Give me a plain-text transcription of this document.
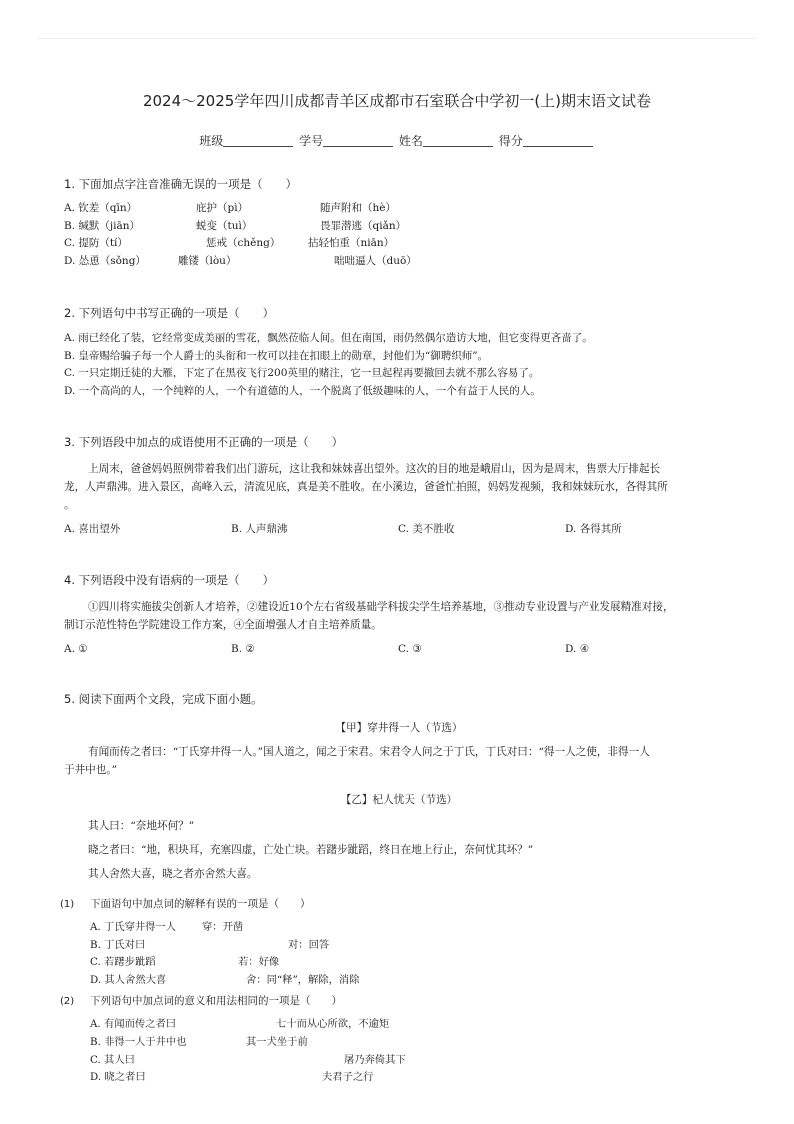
2024～2025学年四川成都青羊区成都市石室联合中学初一(上)期末语文试卷
班级	学号	姓名	得分

1. 下面加点字注音准确无误的一项是（　　）

A. 钦差（qīn）	庇护（pì）	随声附和（hè）
B. 缄默（jiān）	蜕变（tuì）	畏罪潜逃（qiǎn）
C. 提防（tí）	惩戒（chěng）	拈轻怕重（niān）
D. 怂恿（sǒng）	雕镂（lòu）	咄咄逼人（duō）

2. 下列语句中书写正确的一项是（　　）

A. 雨已经化了装，它经常变成美丽的雪花，飘然莅临人间。但在南国，雨仍然偶尔造访大地，但它变得更吝啬了。
B. 皇帝赐给骗子每一个人爵士的头衔和一枚可以挂在扣眼上的勋章，封他们为“御聘织师”。
C. 一只定期迁徒的大雁，下定了在黑夜飞行200英里的赌注，它一旦起程再要撤回去就不那么容易了。
D. 一个高尚的人，一个纯粹的人，一个有道德的人，一个脱离了低级趣味的人，一个有益于人民的人。

3. 下列语段中加点的成语使用不正确的一项是（　　）

上周末，爸爸妈妈照例带着我们出门游玩，这让我和妹妹喜出望外。这次的目的地是峨眉山，因为是周末，售票大厅排起长

龙，人声鼎沸。进入景区，高峰入云，清流见底，真是美不胜收。在小溪边，爸爸忙拍照，妈妈发视频，我和妹妹玩水，各得其所

。

A. 喜出望外	B. 人声鼎沸	C. 美不胜收	D. 各得其所

4. 下列语段中没有语病的一项是（　　）

①四川将实施拔尖创新人才培养，②建设近10个左右省级基础学科拔尖学生培养基地，③推动专业设置与产业发展精准对接，

制订示范性特色学院建设工作方案，④全面增强人才自主培养质量。

A. ①	B. ②	C. ③	D. ④

5. 阅读下面两个文段，完成下面小题。

【甲】穿井得一人（节选）

有闻而传之者曰：“丁氏穿井得一人。”国人道之，闻之于宋君。宋君令人问之于丁氏，丁氏对曰：“得一人之使，非得一人

于井中也。”

【乙】杞人忧天（节选）

其人曰：“奈地坏何？”

晓之者曰：“地，积块耳，充塞四虚，亡处亡块。若躇步跐蹈，终日在地上行止，奈何忧其坏？”

其人舍然大喜，晓之者亦舍然大喜。

(1) 下面语句中加点词的解释有误的一项是（　　）
A. 丁氏穿井得一人	穿：开凿
B. 丁氏对曰	对：回答
C. 若躇步跐蹈	若：好像
D. 其人舍然大喜	舍：同“释”，解除，消除
(2) 下列语句中加点词的意义和用法相同的一项是（　　）
A. 有闻而传之者曰	七十而从心所欲，不逾矩
B. 非得一人于井中也	其一犬坐于前
C. 其人曰	屠乃奔倚其下
D. 晓之者曰	夫君子之行
